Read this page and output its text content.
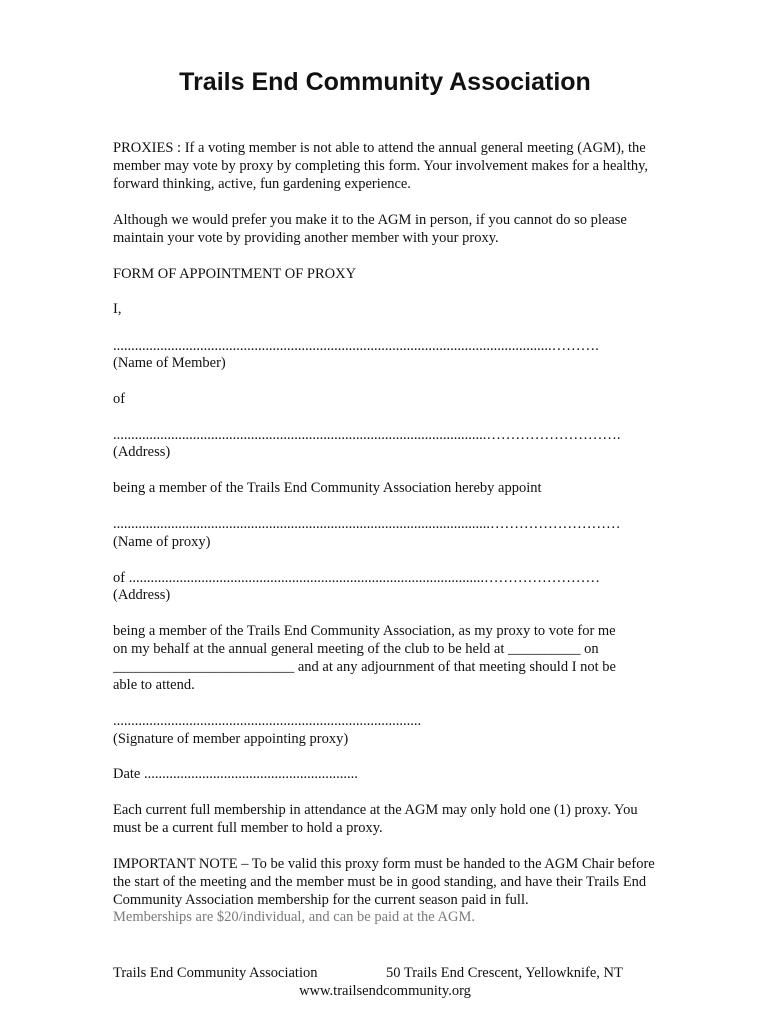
Trails End Community Association

PROXIES : If a voting member is not able to attend the annual general meeting (AGM), the member may vote by proxy by completing this form. Your involvement makes for a healthy, forward thinking, active, fun gardening experience.

Although we would prefer you make it to the AGM in person, if you cannot do so please maintain your vote by providing another member with your proxy.

FORM OF APPOINTMENT OF PROXY

I,

.........................................................................................................................……….

(Name of Member)

of

.......................................................................................................……………………….

(Address)

being a member of the Trails End Community Association hereby appoint

........................................................................................................………………………

(Name of proxy)

of ..................................................................................................……………………

(Address)

being a member of the Trails End Community Association, as my proxy to vote for me

on my behalf at the annual general meeting of the club to be held at __________ on

_________________________ and at any adjournment of that meeting should I not be

able to attend.

.....................................................................................

(Signature of member appointing proxy)

Date ...........................................................

Each current full membership in attendance at the AGM may only hold one (1) proxy. You must be a current full member to hold a proxy.

IMPORTANT NOTE – To be valid this proxy form must be handed to the AGM Chair before the start of the meeting and the member must be in good standing, and have their Trails End Community Association membership for the current season paid in full.

Memberships are $20/individual, and can be paid at the AGM.

Trails End Community Association	50 Trails End Crescent, Yellowknife, NT
www.trailsendcommunity.org
